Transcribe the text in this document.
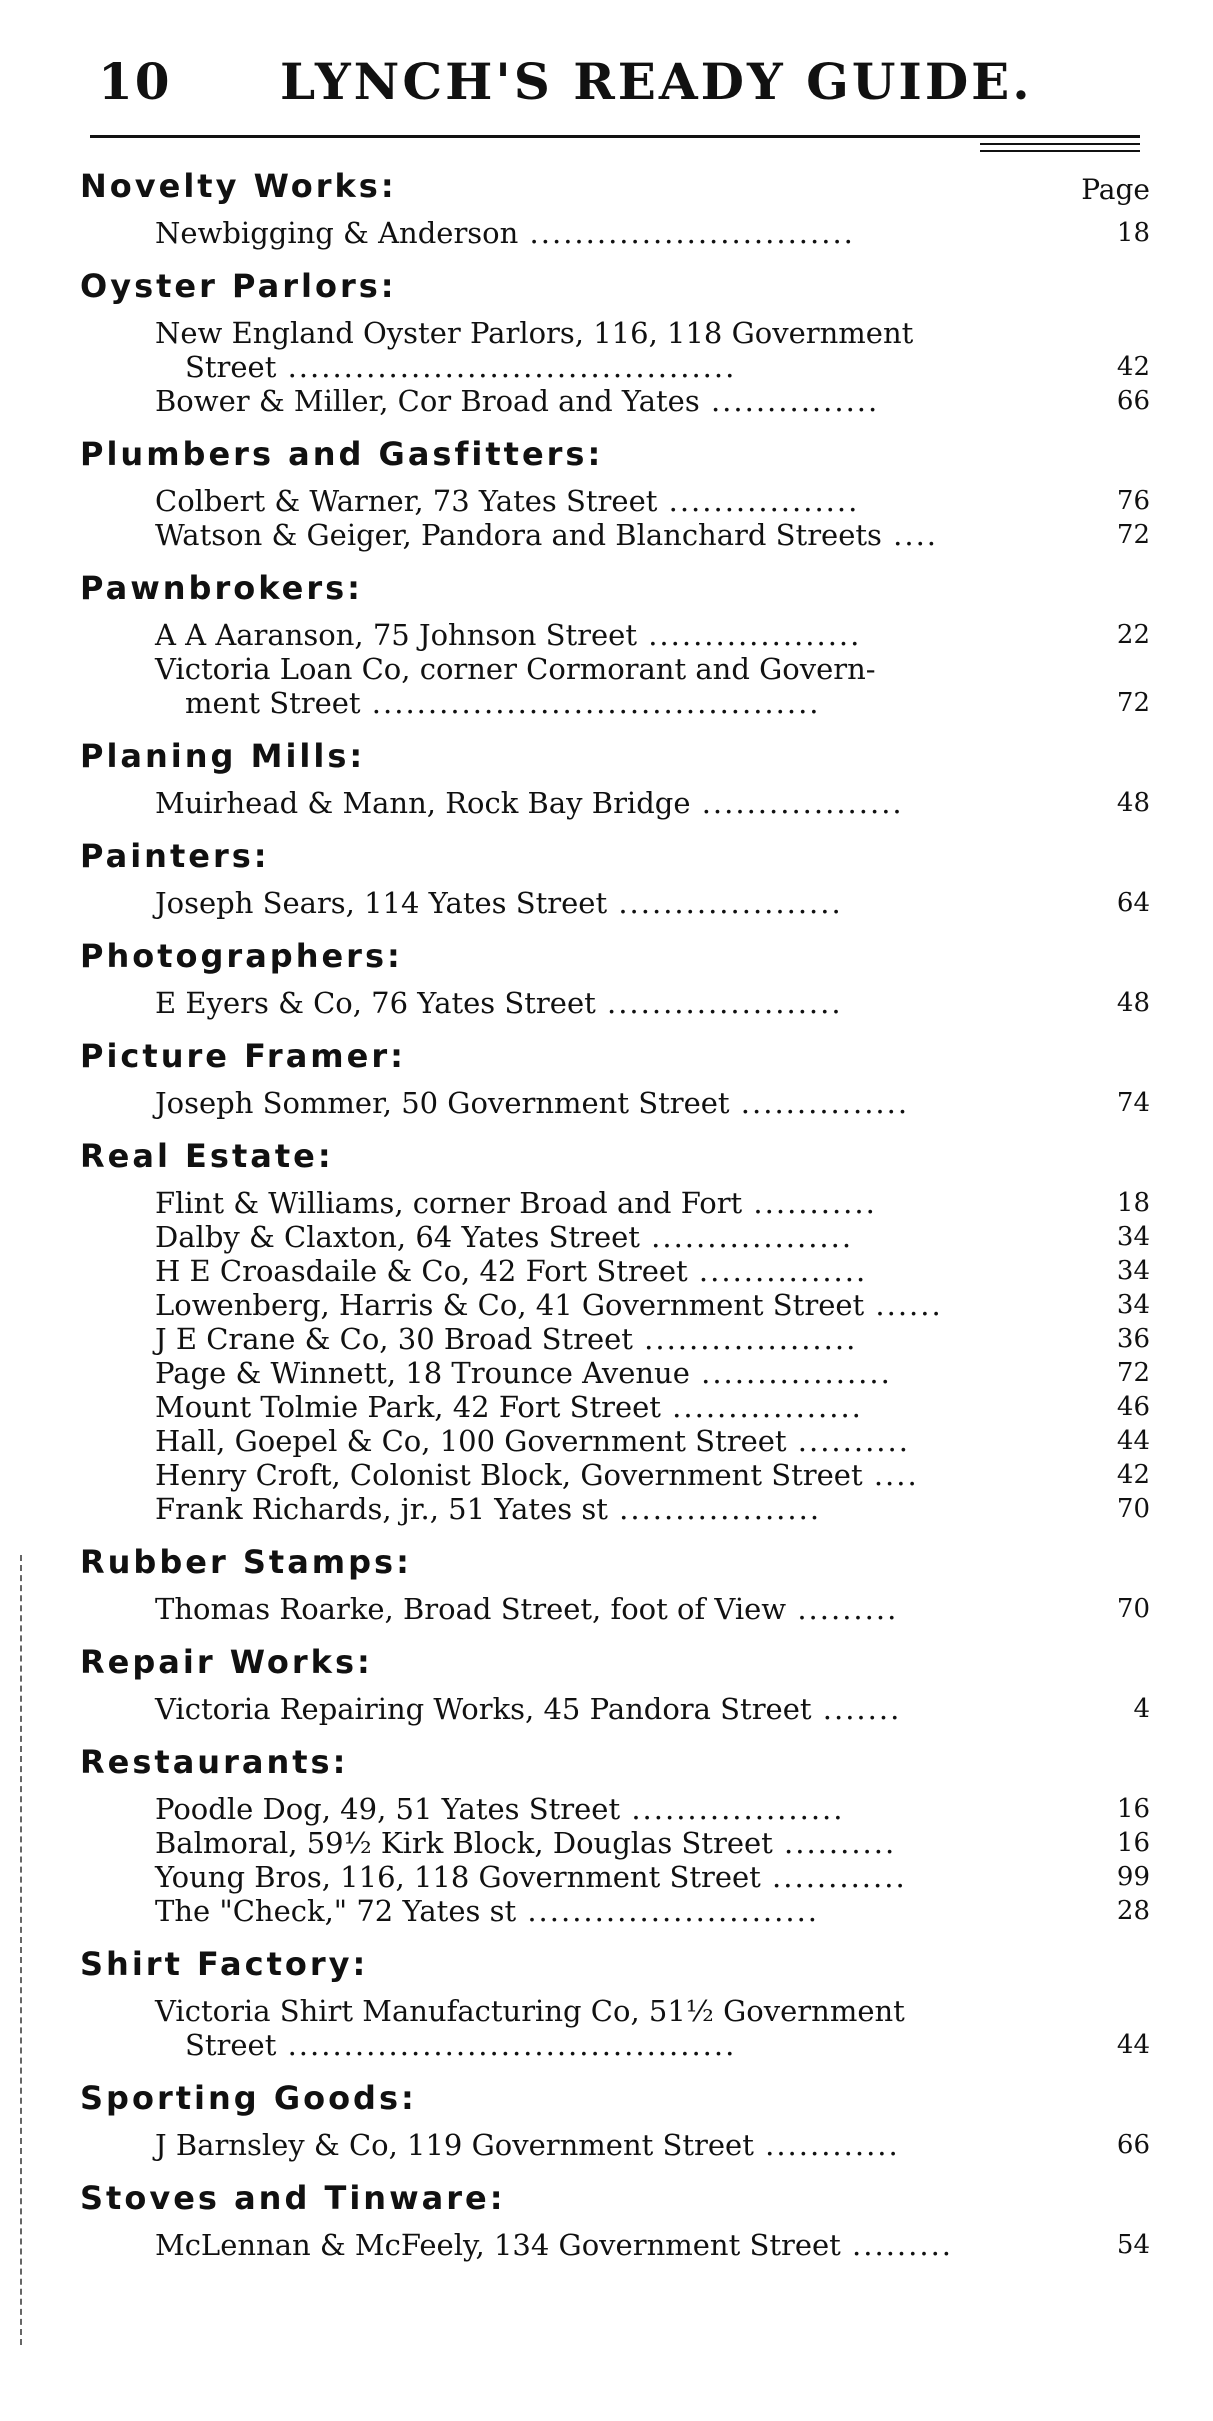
10 LYNCH'S READY GUIDE.
Novelty Works:	Page
Newbigging & Anderson .............................	18
Oyster Parlors:
New England Oyster Parlors, 116, 118 Government
Street ........................................	42
Bower & Miller, Cor Broad and Yates ...............	66
Plumbers and Gasfitters:
Colbert & Warner, 73 Yates Street .................	76
Watson & Geiger, Pandora and Blanchard Streets ....	72
Pawnbrokers:
A A Aaranson, 75 Johnson Street ...................	22
Victoria Loan Co, corner Cormorant and Govern-
ment Street ........................................	72
Planing Mills:
Muirhead & Mann, Rock Bay Bridge ..................	48
Painters:
Joseph Sears, 114 Yates Street ....................	64
Photographers:
E Eyers & Co, 76 Yates Street .....................	48
Picture Framer:
Joseph Sommer, 50 Government Street ...............	74
Real Estate:
Flint & Williams, corner Broad and Fort ...........	18
Dalby & Claxton, 64 Yates Street ..................	34
H E Croasdaile & Co, 42 Fort Street ...............	34
Lowenberg, Harris & Co, 41 Government Street ......	34
J E Crane & Co, 30 Broad Street ...................	36
Page & Winnett, 18 Trounce Avenue .................	72
Mount Tolmie Park, 42 Fort Street .................	46
Hall, Goepel & Co, 100 Government Street ..........	44
Henry Croft, Colonist Block, Government Street ....	42
Frank Richards, jr., 51 Yates st ..................	70
Rubber Stamps:
Thomas Roarke, Broad Street, foot of View .........	70
Repair Works:
Victoria Repairing Works, 45 Pandora Street .......	4
Restaurants:
Poodle Dog, 49, 51 Yates Street ...................	16
Balmoral, 59½ Kirk Block, Douglas Street ..........	16
Young Bros, 116, 118 Government Street ............	99
The "Check," 72 Yates st ..........................	28
Shirt Factory:
Victoria Shirt Manufacturing Co, 51½ Government
Street ........................................	44
Sporting Goods:
J Barnsley & Co, 119 Government Street ............	66
Stoves and Tinware:
McLennan & McFeely, 134 Government Street .........	54
